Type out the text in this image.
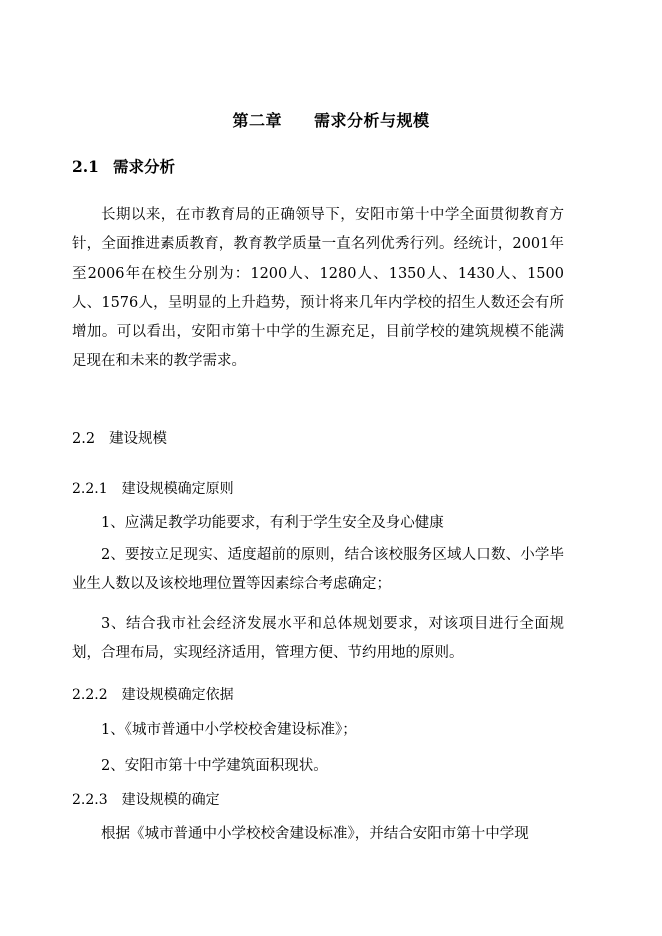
第二章 需求分析与规模
2.1 需求分析
长期以来，在市教育局的正确领导下，安阳市第十中学全面贯彻教育方针，全面推进素质教育，教育教学质量一直名列优秀行列。经统计，2001年至2006年在校生分别为：1200人、1280人、1350人、1430人、1500人、1576人，呈明显的上升趋势，预计将来几年内学校的招生人数还会有所增加。可以看出，安阳市第十中学的生源充足，目前学校的建筑规模不能满足现在和未来的教学需求。
2.2 建设规模
2.2.1 建设规模确定原则
1、应满足教学功能要求，有利于学生安全及身心健康
2、要按立足现实、适度超前的原则，结合该校服务区域人口数、小学毕业生人数以及该校地理位置等因素综合考虑确定；
3、结合我市社会经济发展水平和总体规划要求，对该项目进行全面规划，合理布局，实现经济适用，管理方便、节约用地的原则。
2.2.2 建设规模确定依据
1、《城市普通中小学校校舍建设标准》；
2、安阳市第十中学建筑面积现状。
2.2.3 建设规模的确定
根据《城市普通中小学校校舍建设标准》，并结合安阳市第十中学现
